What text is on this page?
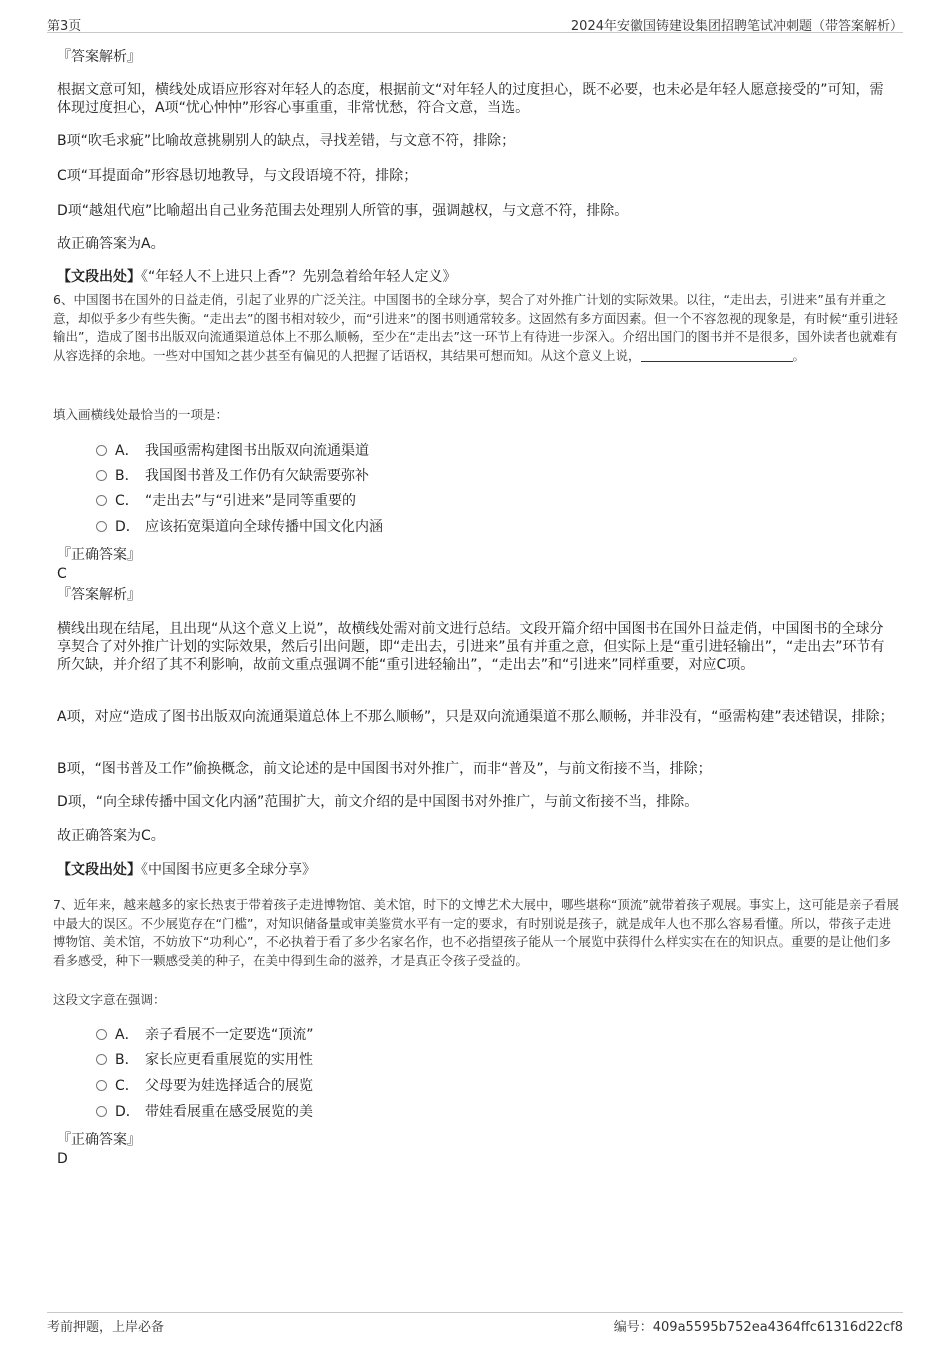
第3页	2024年安徽国铸建设集团招聘笔试冲刺题（带答案解析）

『答案解析』

根据文意可知，横线处成语应形容对年轻人的态度，根据前文“对年轻人的过度担心，既不必要，也未必是年轻人愿意接受的”可知，需体现过度担心，A项“忧心忡忡”形容心事重重，非常忧愁，符合文意，当选。

B项“吹毛求疵”比喻故意挑剔别人的缺点，寻找差错，与文意不符，排除；

C项“耳提面命”形容恳切地教导，与文段语境不符，排除；

D项“越俎代庖”比喻超出自己业务范围去处理别人所管的事，强调越权，与文意不符，排除。

故正确答案为A。

【文段出处】《“年轻人不上进只上香”？先别急着给年轻人定义》

6、中国图书在国外的日益走俏，引起了业界的广泛关注。中国图书的全球分享，契合了对外推广计划的实际效果。以往，“走出去，引进来”虽有并重之意，却似乎多少有些失衡。“走出去”的图书相对较少，而“引进来”的图书则通常较多。这固然有多方面因素。但一个不容忽视的现象是，有时候“重引进轻输出”，造成了图书出版双向流通渠道总体上不那么顺畅，至少在“走出去”这一环节上有待进一步深入。介绍出国门的图书并不是很多，国外读者也就难有从容选择的余地。一些对中国知之甚少甚至有偏见的人把握了话语权，其结果可想而知。从这个意义上说，	。

填入画横线处最恰当的一项是：

A． 我国亟需构建图书出版双向流通渠道

B． 我国图书普及工作仍有欠缺需要弥补

C． “走出去”与“引进来”是同等重要的

D． 应该拓宽渠道向全球传播中国文化内涵

『正确答案』

C

『答案解析』

横线出现在结尾，且出现“从这个意义上说”，故横线处需对前文进行总结。文段开篇介绍中国图书在国外日益走俏，中国图书的全球分享契合了对外推广计划的实际效果，然后引出问题，即“走出去，引进来”虽有并重之意，但实际上是“重引进轻输出”，“走出去”环节有所欠缺，并介绍了其不利影响，故前文重点强调不能“重引进轻输出”，“走出去”和“引进来”同样重要，对应C项。

A项，对应“造成了图书出版双向流通渠道总体上不那么顺畅”，只是双向流通渠道不那么顺畅，并非没有，“亟需构建”表述错误，排除；

B项，“图书普及工作”偷换概念，前文论述的是中国图书对外推广，而非“普及”，与前文衔接不当，排除；

D项，“向全球传播中国文化内涵”范围扩大，前文介绍的是中国图书对外推广，与前文衔接不当，排除。

故正确答案为C。

【文段出处】《中国图书应更多全球分享》

7、近年来，越来越多的家长热衷于带着孩子走进博物馆、美术馆，时下的文博艺术大展中，哪些堪称“顶流”就带着孩子观展。事实上，这可能是亲子看展中最大的误区。不少展览存在“门槛”，对知识储备量或审美鉴赏水平有一定的要求，有时别说是孩子，就是成年人也不那么容易看懂。所以，带孩子走进博物馆、美术馆，不妨放下“功利心”，不必执着于看了多少名家名作，也不必指望孩子能从一个展览中获得什么样实实在在的知识点。重要的是让他们多看多感受，种下一颗感受美的种子，在美中得到生命的滋养，才是真正令孩子受益的。

这段文字意在强调：

A． 亲子看展不一定要选“顶流”

B． 家长应更看重展览的实用性

C． 父母要为娃选择适合的展览

D． 带娃看展重在感受展览的美

『正确答案』

D

考前押题，上岸必备	编号：409a5595b752ea4364ffc61316d22cf8
